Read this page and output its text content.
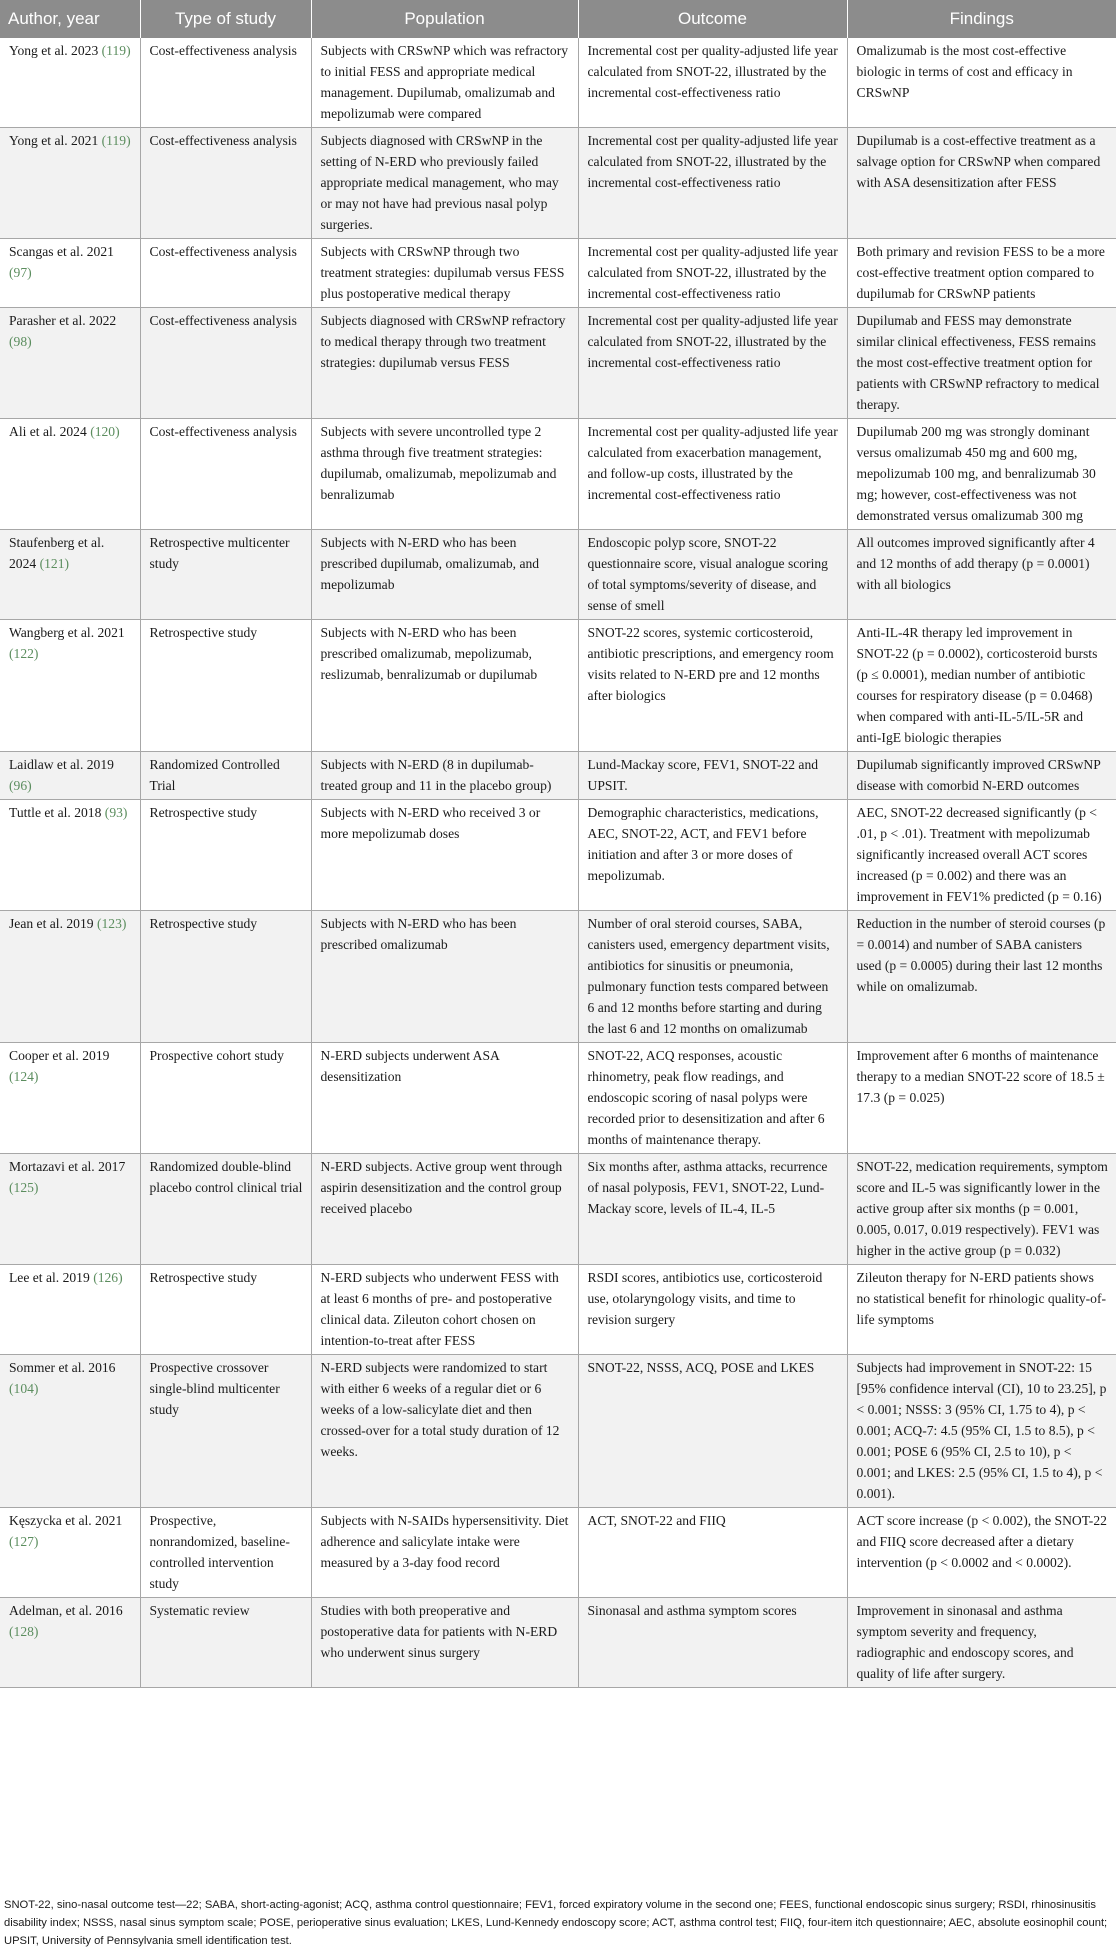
Author, year	Type of study	Population	Outcome	Findings
Yong et al. 2023 (119)	Cost-effectiveness analysis	Subjects with CRSwNP which was refractory to initial FESS and appropriate medical management. Dupilumab, omalizumab and mepolizumab were compared	Incremental cost per quality-adjusted life year calculated from SNOT-22, illustrated by the incremental cost-effectiveness ratio	Omalizumab is the most cost-effective biologic in terms of cost and efficacy in CRSwNP
Yong et al. 2021 (119)	Cost-effectiveness analysis	Subjects diagnosed with CRSwNP in the setting of N-ERD who previously failed appropriate medical management, who may or may not have had previous nasal polyp surgeries.	Incremental cost per quality-adjusted life year calculated from SNOT-22, illustrated by the incremental cost-effectiveness ratio	Dupilumab is a cost-effective treatment as a salvage option for CRSwNP when compared with ASA desensitization after FESS
Scangas et al. 2021 (97)	Cost-effectiveness analysis	Subjects with CRSwNP through two treatment strategies: dupilumab versus FESS plus postoperative medical therapy	Incremental cost per quality-adjusted life year calculated from SNOT-22, illustrated by the incremental cost-effectiveness ratio	Both primary and revision FESS to be a more cost-effective treatment option compared to dupilumab for CRSwNP patients
Parasher et al. 2022 (98)	Cost-effectiveness analysis	Subjects diagnosed with CRSwNP refractory to medical therapy through two treatment strategies: dupilumab versus FESS	Incremental cost per quality-adjusted life year calculated from SNOT-22, illustrated by the incremental cost-effectiveness ratio	Dupilumab and FESS may demonstrate similar clinical effectiveness, FESS remains the most cost-effective treatment option for patients with CRSwNP refractory to medical therapy.
Ali et al. 2024 (120)	Cost-effectiveness analysis	Subjects with severe uncontrolled type 2 asthma through five treatment strategies: dupilumab, omalizumab, mepolizumab and benralizumab	Incremental cost per quality-adjusted life year calculated from exacerbation management, and follow-up costs, illustrated by the incremental cost-effectiveness ratio	Dupilumab 200 mg was strongly dominant versus omalizumab 450 mg and 600 mg, mepolizumab 100 mg, and benralizumab 30 mg; however, cost-effectiveness was not demonstrated versus omalizumab 300 mg
Staufenberg et al. 2024 (121)	Retrospective multicenter study	Subjects with N-ERD who has been prescribed dupilumab, omalizumab, and mepolizumab	Endoscopic polyp score, SNOT-22 questionnaire score, visual analogue scoring of total symptoms/severity of disease, and sense of smell	All outcomes improved significantly after 4 and 12 months of add therapy (p = 0.0001) with all biologics
Wangberg et al. 2021 (122)	Retrospective study	Subjects with N-ERD who has been prescribed omalizumab, mepolizumab, reslizumab, benralizumab or dupilumab	SNOT-22 scores, systemic corticosteroid, antibiotic prescriptions, and emergency room visits related to N-ERD pre and 12 months after biologics	Anti-IL-4R therapy led improvement in SNOT-22 (p = 0.0002), corticosteroid bursts (p ≤ 0.0001), median number of antibiotic courses for respiratory disease (p = 0.0468) when compared with anti-IL-5/IL-5R and anti-IgE biologic therapies
Laidlaw et al. 2019 (96)	Randomized Controlled Trial	Subjects with N-ERD (8 in dupilumab-treated group and 11 in the placebo group)	Lund-Mackay score, FEV1, SNOT-22 and UPSIT.	Dupilumab significantly improved CRSwNP disease with comorbid N-ERD outcomes
Tuttle et al. 2018 (93)	Retrospective study	Subjects with N-ERD who received 3 or more mepolizumab doses	Demographic characteristics, medications, AEC, SNOT-22, ACT, and FEV1 before initiation and after 3 or more doses of mepolizumab.	AEC, SNOT-22 decreased significantly (p < .01, p < .01). Treatment with mepolizumab significantly increased overall ACT scores increased (p = 0.002) and there was an improvement in FEV1% predicted (p = 0.16)
Jean et al. 2019 (123)	Retrospective study	Subjects with N-ERD who has been prescribed omalizumab	Number of oral steroid courses, SABA, canisters used, emergency department visits, antibiotics for sinusitis or pneumonia, pulmonary function tests compared between 6 and 12 months before starting and during the last 6 and 12 months on omalizumab	Reduction in the number of steroid courses (p = 0.0014) and number of SABA canisters used (p = 0.0005) during their last 12 months while on omalizumab.
Cooper et al. 2019 (124)	Prospective cohort study	N-ERD subjects underwent ASA desensitization	SNOT-22, ACQ responses, acoustic rhinometry, peak flow readings, and endoscopic scoring of nasal polyps were recorded prior to desensitization and after 6 months of maintenance therapy.	Improvement after 6 months of maintenance therapy to a median SNOT-22 score of 18.5 ± 17.3 (p = 0.025)
Mortazavi et al. 2017 (125)	Randomized double-blind placebo control clinical trial	N-ERD subjects. Active group went through aspirin desensitization and the control group received placebo	Six months after, asthma attacks, recurrence of nasal polyposis, FEV1, SNOT-22, Lund-Mackay score, levels of IL-4, IL-5	SNOT-22, medication requirements, symptom score and IL-5 was significantly lower in the active group after six months (p = 0.001, 0.005, 0.017, 0.019 respectively). FEV1 was higher in the active group (p = 0.032)
Lee et al. 2019 (126)	Retrospective study	N-ERD subjects who underwent FESS with at least 6 months of pre- and postoperative clinical data. Zileuton cohort chosen on intention-to-treat after FESS	RSDI scores, antibiotics use, corticosteroid use, otolaryngology visits, and time to revision surgery	Zileuton therapy for N-ERD patients shows no statistical benefit for rhinologic quality-of-life symptoms
Sommer et al. 2016 (104)	Prospective crossover single-blind multicenter study	N-ERD subjects were randomized to start with either 6 weeks of a regular diet or 6 weeks of a low-salicylate diet and then crossed-over for a total study duration of 12 weeks.	SNOT-22, NSSS, ACQ, POSE and LKES	Subjects had improvement in SNOT-22: 15 [95% confidence interval (CI), 10 to 23.25], p < 0.001; NSSS: 3 (95% CI, 1.75 to 4), p < 0.001; ACQ-7: 4.5 (95% CI, 1.5 to 8.5), p < 0.001; POSE 6 (95% CI, 2.5 to 10), p < 0.001; and LKES: 2.5 (95% CI, 1.5 to 4), p < 0.001).
Kęszycka et al. 2021 (127)	Prospective, nonrandomized, baseline-controlled intervention study	Subjects with N-SAIDs hypersensitivity. Diet adherence and salicylate intake were measured by a 3-day food record	ACT, SNOT-22 and FIIQ	ACT score increase (p < 0.002), the SNOT-22 and FIIQ score decreased after a dietary intervention (p < 0.0002 and < 0.0002).
Adelman, et al. 2016 (128)	Systematic review	Studies with both preoperative and postoperative data for patients with N-ERD who underwent sinus surgery	Sinonasal and asthma symptom scores	Improvement in sinonasal and asthma symptom severity and frequency, radiographic and endoscopy scores, and quality of life after surgery.
SNOT-22, sino-nasal outcome test—22; SABA, short-acting-agonist; ACQ, asthma control questionnaire; FEV1, forced expiratory volume in the second one; FEES, functional endoscopic sinus surgery; RSDI, rhinosinusitis disability index; NSSS, nasal sinus symptom scale; POSE, perioperative sinus evaluation; LKES, Lund-Kennedy endoscopy score; ACT, asthma control test; FIIQ, four-item itch questionnaire; AEC, absolute eosinophil count; UPSIT, University of Pennsylvania smell identification test.
